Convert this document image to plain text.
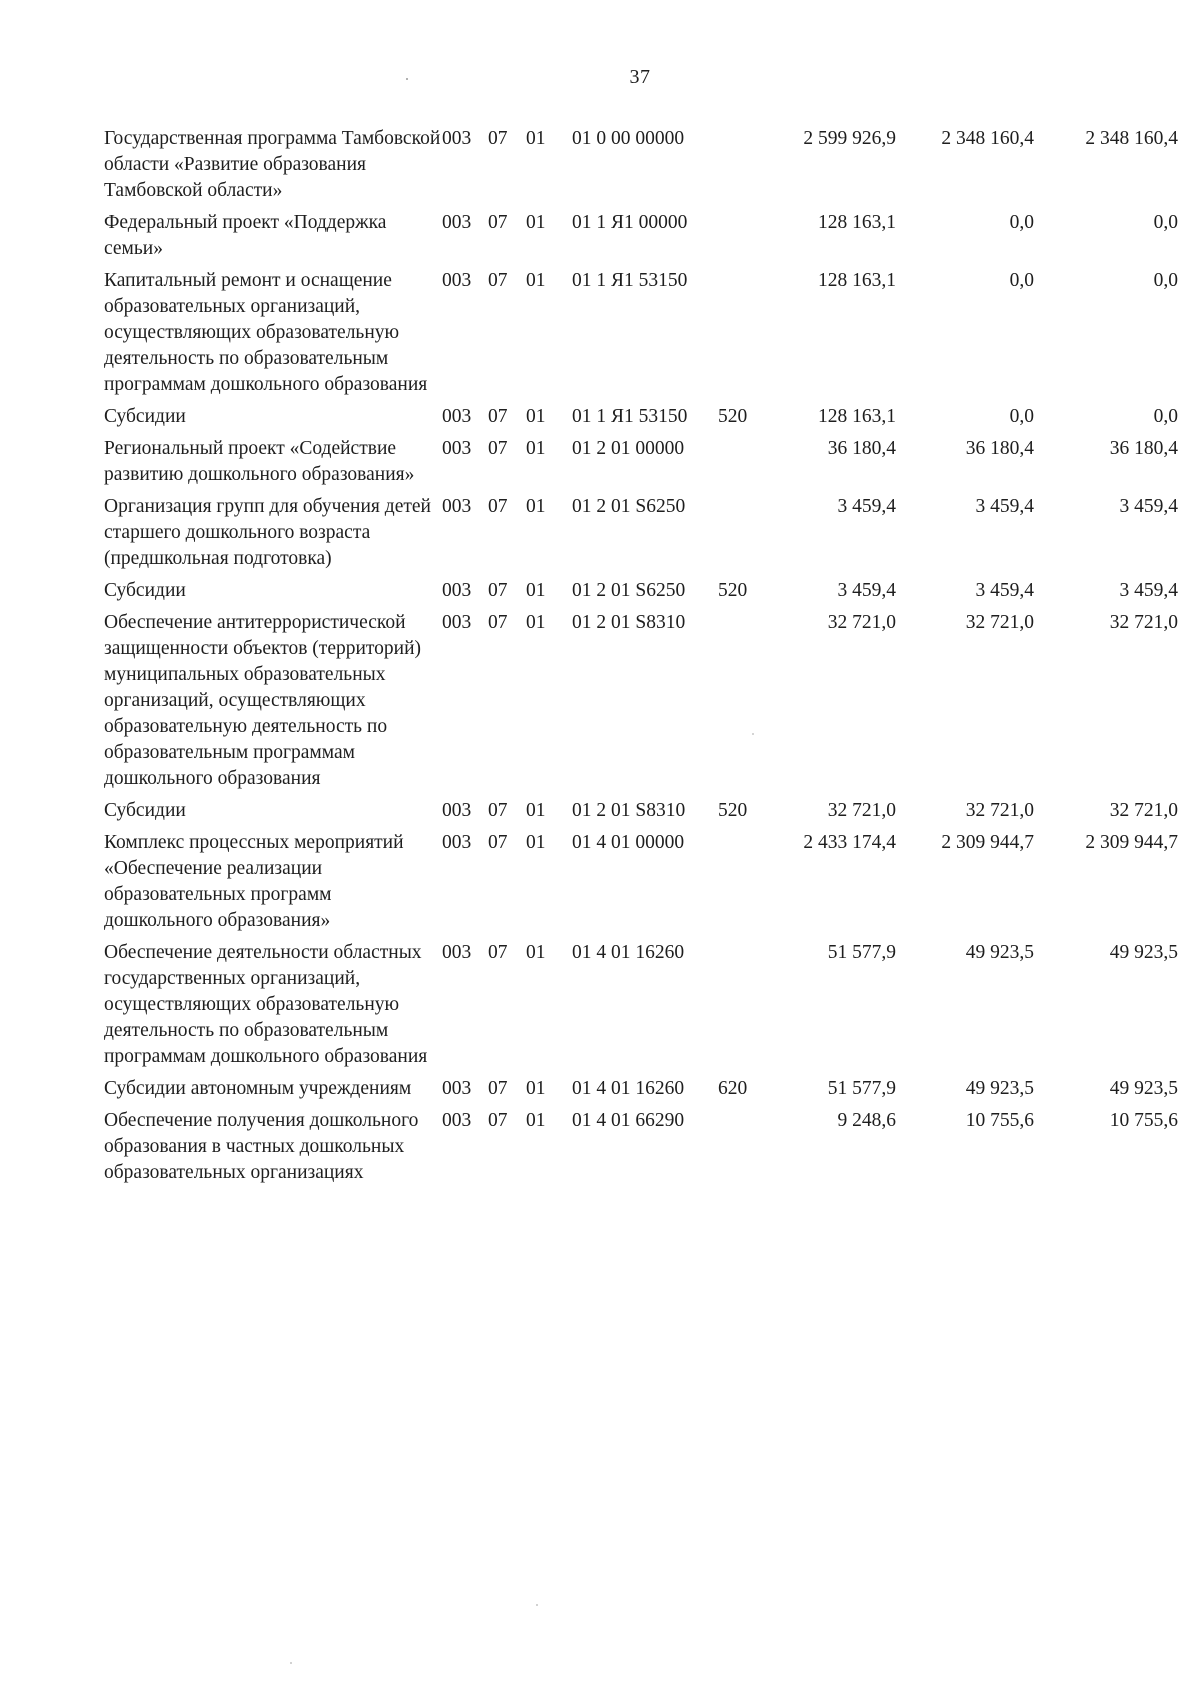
37
Государственная программа Тамбовской области «Развитие образования Тамбовской области»	003	07	01	01 0 00 00000		2 599 926,9	2 348 160,4	2 348 160,4
Федеральный проект «Поддержка семьи»	003	07	01	01 1 Я1 00000		128 163,1	0,0	0,0
Капитальный ремонт и оснащение образовательных организаций, осуществляющих образовательную деятельность по образовательным программам дошкольного образования	003	07	01	01 1 Я1 53150		128 163,1	0,0	0,0
Субсидии	003	07	01	01 1 Я1 53150	520	128 163,1	0,0	0,0
Региональный проект «Содействие развитию дошкольного образования»	003	07	01	01 2 01 00000		36 180,4	36 180,4	36 180,4
Организация групп для обучения детей старшего дошкольного возраста (предшкольная подготовка)	003	07	01	01 2 01 S6250		3 459,4	3 459,4	3 459,4
Субсидии	003	07	01	01 2 01 S6250	520	3 459,4	3 459,4	3 459,4
Обеспечение антитеррористической защищенности объектов (территорий) муниципальных образовательных организаций, осуществляющих образовательную деятельность по образовательным программам дошкольного образования	003	07	01	01 2 01 S8310		32 721,0	32 721,0	32 721,0
Субсидии	003	07	01	01 2 01 S8310	520	32 721,0	32 721,0	32 721,0
Комплекс процессных мероприятий «Обеспечение реализации образовательных программ дошкольного образования»	003	07	01	01 4 01 00000		2 433 174,4	2 309 944,7	2 309 944,7
Обеспечение деятельности областных государственных организаций, осуществляющих образовательную деятельность по образовательным программам дошкольного образования	003	07	01	01 4 01 16260		51 577,9	49 923,5	49 923,5
Субсидии автономным учреждениям	003	07	01	01 4 01 16260	620	51 577,9	49 923,5	49 923,5
Обеспечение получения дошкольного образования в частных дошкольных образовательных организациях	003	07	01	01 4 01 66290		9 248,6	10 755,6	10 755,6
